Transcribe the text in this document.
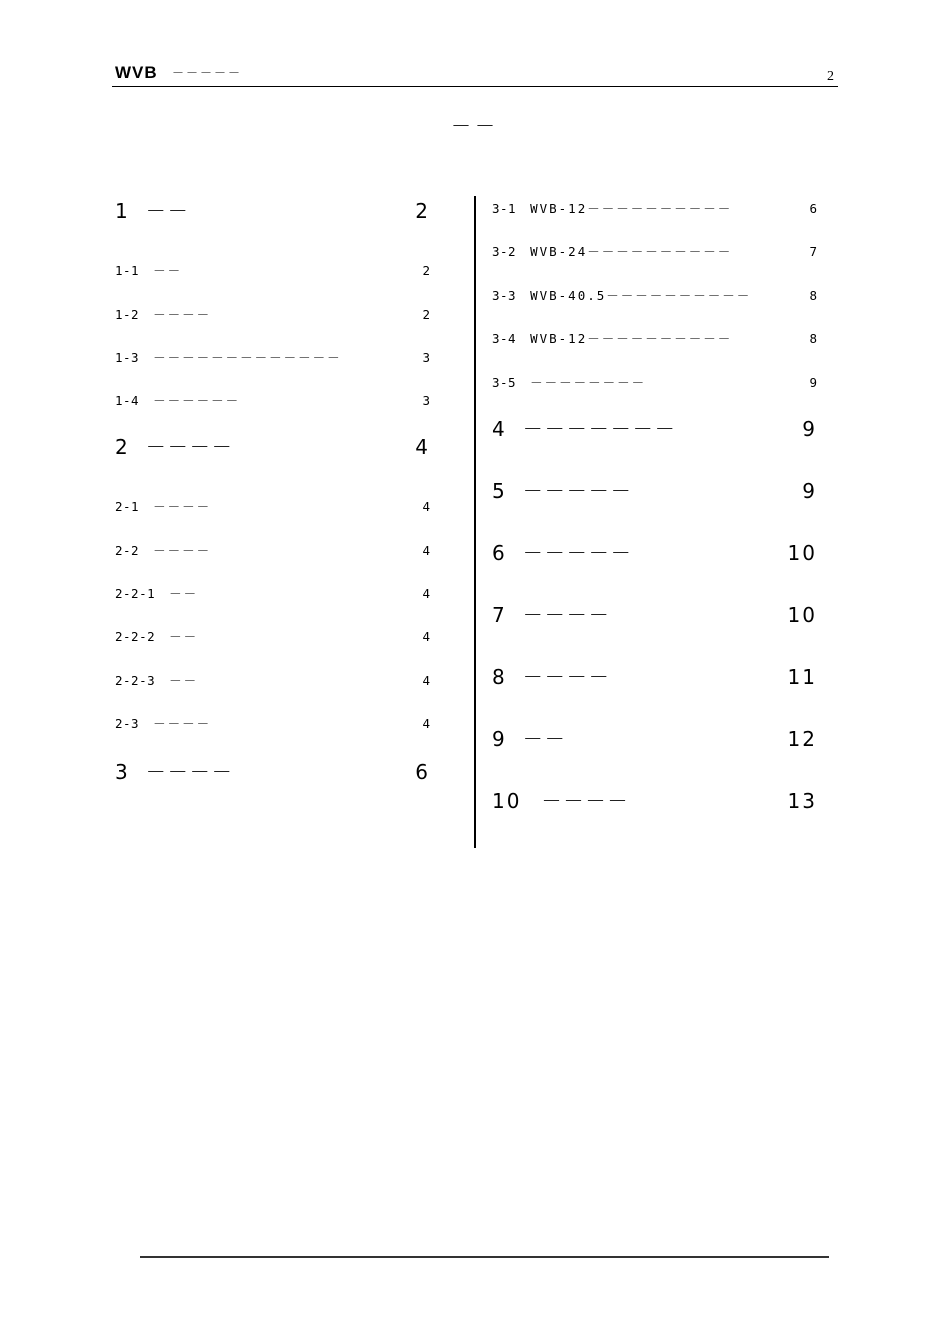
WVB －－－－－	2
－－
1 －－	2
1-1 －－	2
1-2 －－－－	2
1-3 －－－－－－－－－－－－－	3
1-4 －－－－－－	3
2 －－－－	4
2-1 －－－－	4
2-2 －－－－	4
2-2-1 －－	4
2-2-2 －－	4
2-2-3 －－	4
2-3 －－－－	4
3 －－－－	6
3-1 WVB-12－－－－－－－－－－	6
3-2 WVB-24－－－－－－－－－－	7
3-3 WVB-40.5－－－－－－－－－－	8
3-4 WVB-12－－－－－－－－－－	8
3-5 －－－－－－－－	9
4 －－－－－－－	9
5 －－－－－	9
6 －－－－－	10
7 －－－－	10
8 －－－－	11
9 －－	12
10 －－－－	13
